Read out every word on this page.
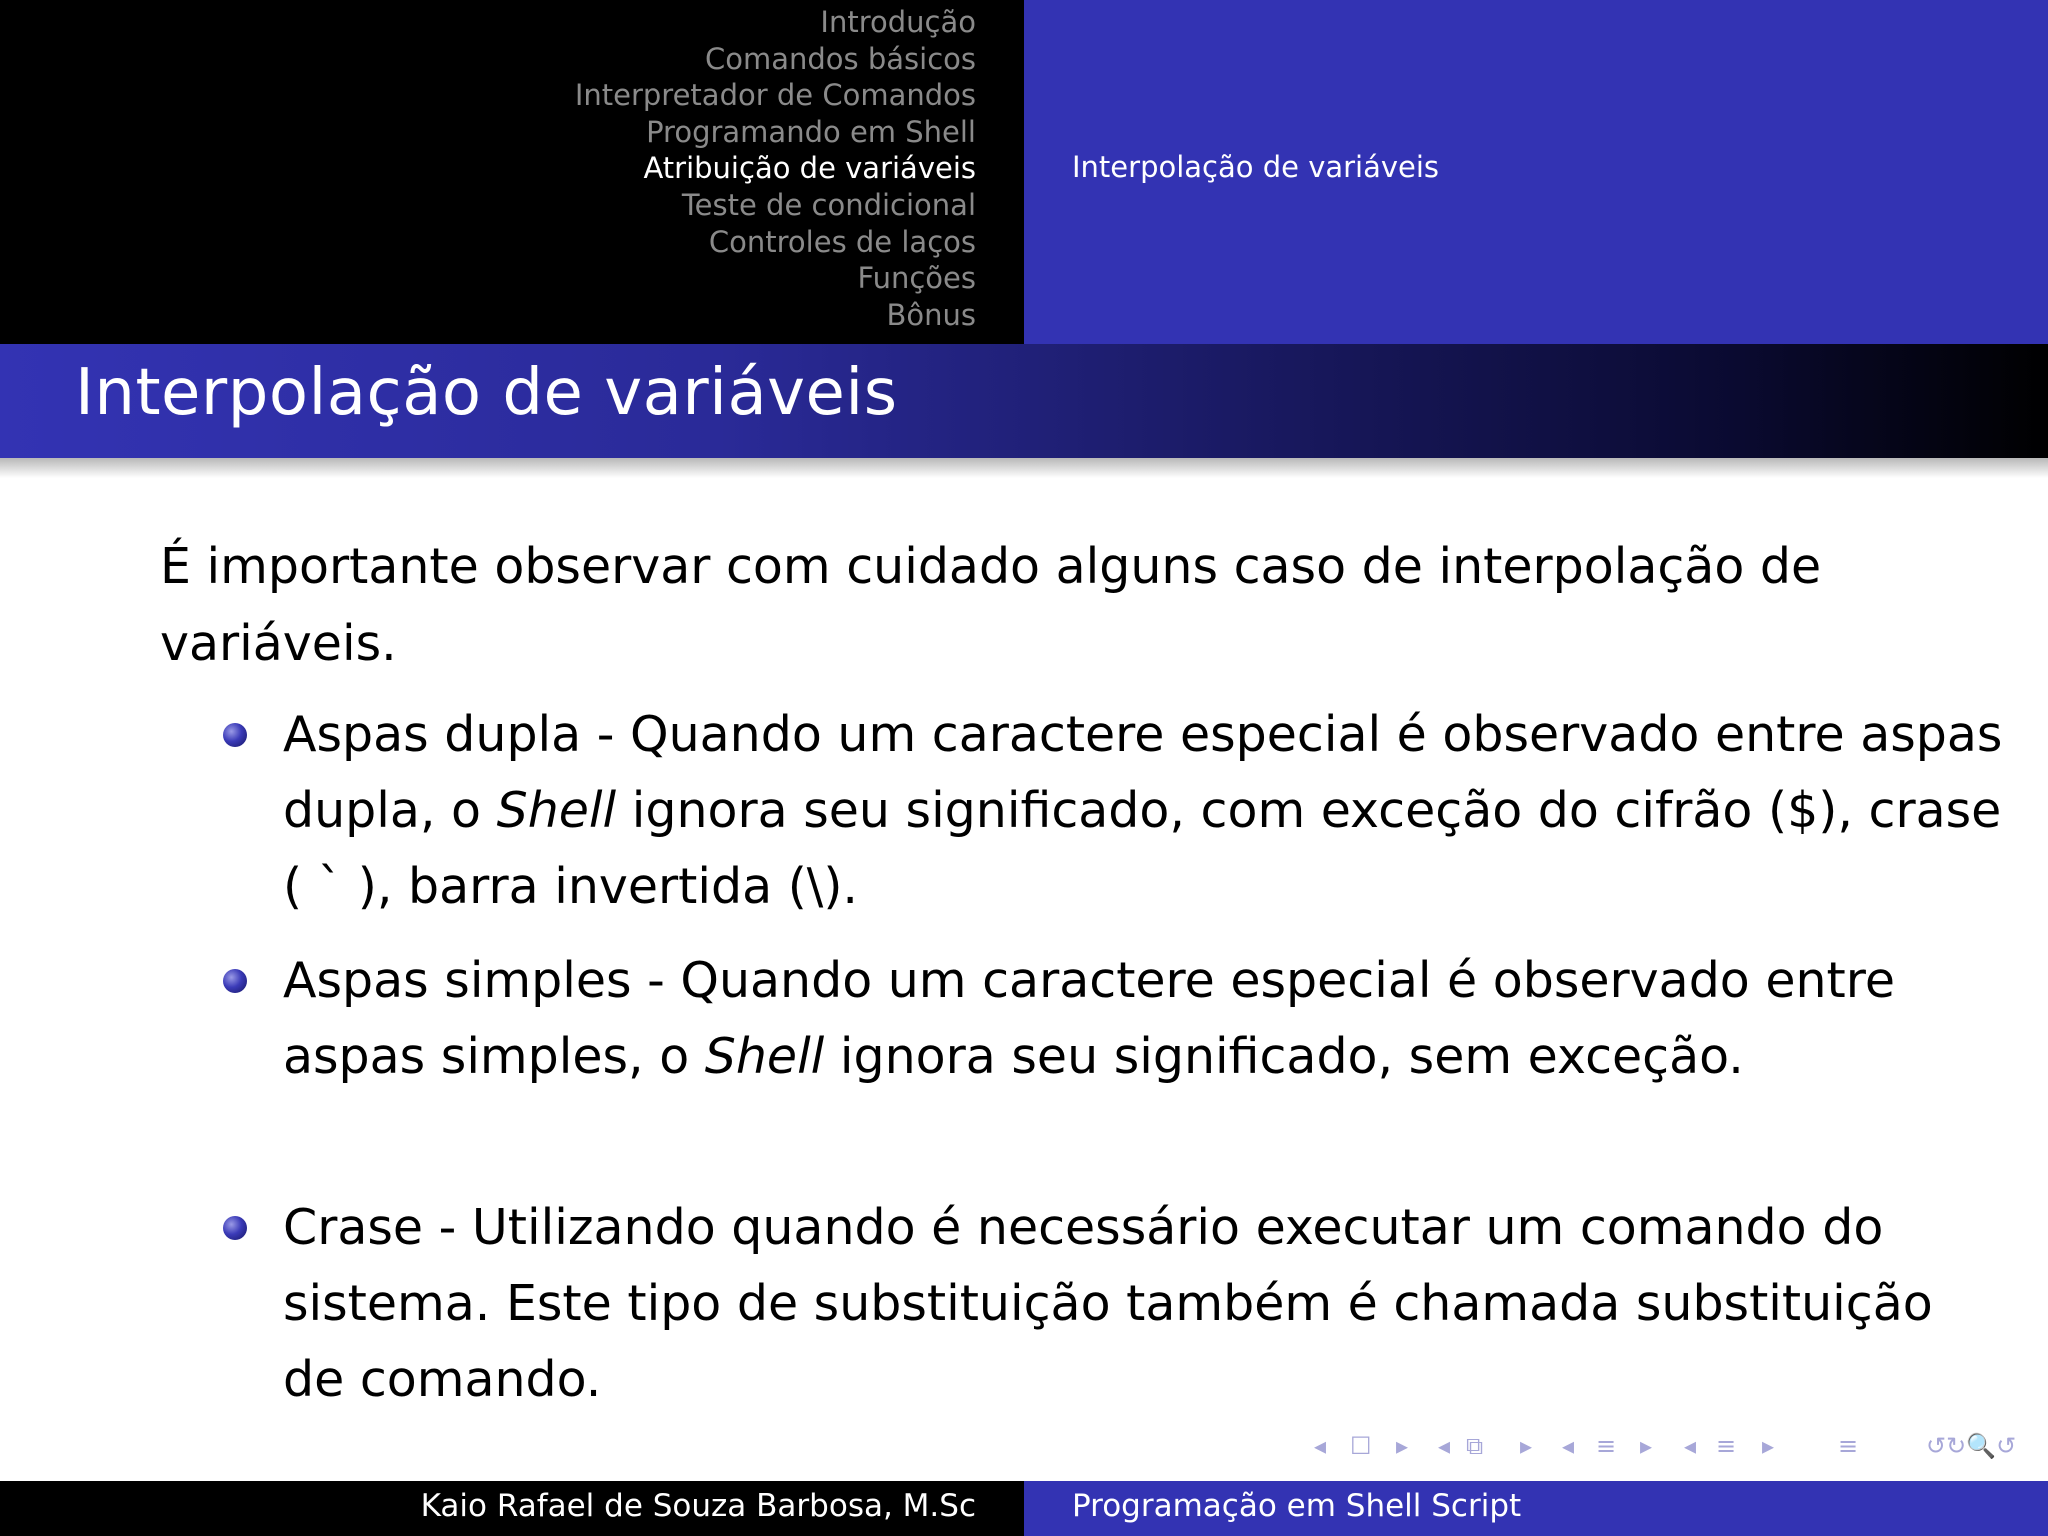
Introdução
Comandos básicos
Interpretador de Comandos
Programando em Shell
Atribuição de variáveis
Teste de condicional
Controles de laços
Funções
Bônus
Interpolação de variáveis
Interpolação de variáveis
É importante observar com cuidado alguns caso de interpolação de variáveis.
Aspas dupla - Quando um caractere especial é observado entre aspas dupla, o Shell ignora seu significado, com exceção do cifrão ($), crase ( ` ), barra invertida (\).
Aspas simples - Quando um caractere especial é observado entre aspas simples, o Shell ignora seu significado, sem exceção.
Crase - Utilizando quando é necessário executar um comando do sistema. Este tipo de substituição também é chamada substituição de comando.
◂ ☐ ▸ ◂ ⧉ ▸ ◂ ≡ ▸ ◂ ≡ ▸	≡	↺↻🔍↺
Kaio Rafael de Souza Barbosa, M.Sc	Programação em Shell Script
